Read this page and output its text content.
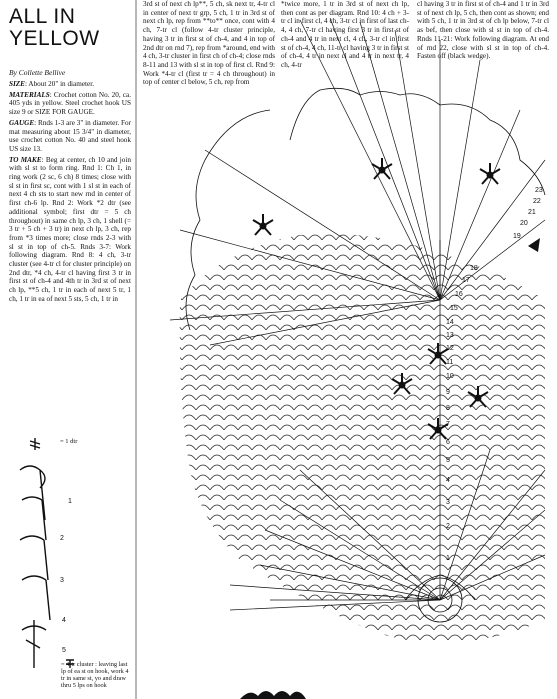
ALL IN
YELLOW
By Collette Bellive

SIZE: About 20" in diameter.

MATERIALS: Crochet cotton No. 20, ca. 405 yds in yellow. Steel crochet hook US size 9 or SIZE FOR GAUGE.

GAUGE: Rnds 1-3 are 3" in diameter. For mat measuring about 15 3/4" in diameter, use crochet cotton No. 40 and steel hook US size 13.

TO MAKE: Beg at center, ch 10 and join with sl st to form ring. Rnd 1: Ch 1, in ring work (2 sc, 6 ch) 8 times; close with sl st in first sc, cont with 1 sl st in each of next 4 ch sts to start new rnd in center of first ch-6 lp. Rnd 2: Work *2 dtr (see additional symbol; first dtr = 5 ch throughout) in same ch lp, 3 ch, 1 shell (= 3 tr + 5 ch + 3 tr) in next ch lp, 3 ch, rep from *3 times more; close rnds 2-3 with sl st in top of ch-5. Rnds 3-7: Work following diagram. Rnd 8: 4 ch, 3-tr cluster (see 4-tr cl for cluster principle) on 2nd dtr, *4 ch, 4-tr cl having first 3 tr in first st of ch-4 and 4th tr in 3rd st of next ch lp, **5 ch, 1 tr in each of next 5 tr, 1 ch, 1 tr in ea of next 5 sts, 5 ch, 1 tr in

3rd st of next ch lp**, 5 ch, sk next tr, 4-tr cl in center of next tr grp, 5 ch, 1 tr in 3rd st of next ch lp, rep from **to** once, cont with 4 ch, 7-tr cl (follow 4-tr cluster principle, having 3 tr in first st of ch-4, and 4 in top of 2nd dtr on rnd 7), rep from *around, end with 4 ch, 3-tr cluster in first ch of ch-4; close rnds 8-11 and 13 with sl st in top of first cl. Rnd 9: Work *4-tr cl (first tr = 4 ch throughout) in top of center cl below, 5 ch, rep from
*twice more, 1 tr in 3rd st of next ch lp, then cont as per diagram. Rnd 10: 4 ch + 3-tr cl in first cl, 4 ch, 3-tr cl in first of last ch-4, 4 ch, 7-tr cl having first 3 tr in first st of ch-4 and 4 tr in next cl, 4 ch, 3-tr cl in first st of ch-4, 4 ch, 11-tr cl having 3 tr in first st of ch-4, 4 tr in next cl and 4 tr in next tr, 4 ch, 4-tr
cl having 3 tr in first st of ch-4 and 1 tr in 3rd st of next ch lp, 5 ch, then cont as shown; end with 5 ch, 1 tr in 3rd st of ch lp below, 7-tr cl as bef, then close with sl st in top of ch-4. Rnds 11-21: Work following diagram. At end of rnd 22, close with sl st in top of ch-4. Fasten off (black wedge).
23
22
21
20
19
18
17
16
15
14
13
12
11
10
9
8
7
6
5
4
3
2
1
1
2
3
4
5
= 1 dtr
= 4-tr cluster : leaving last lp of ea st on hook, work 4 tr in same st, yo and draw thru 5 lps on hook
